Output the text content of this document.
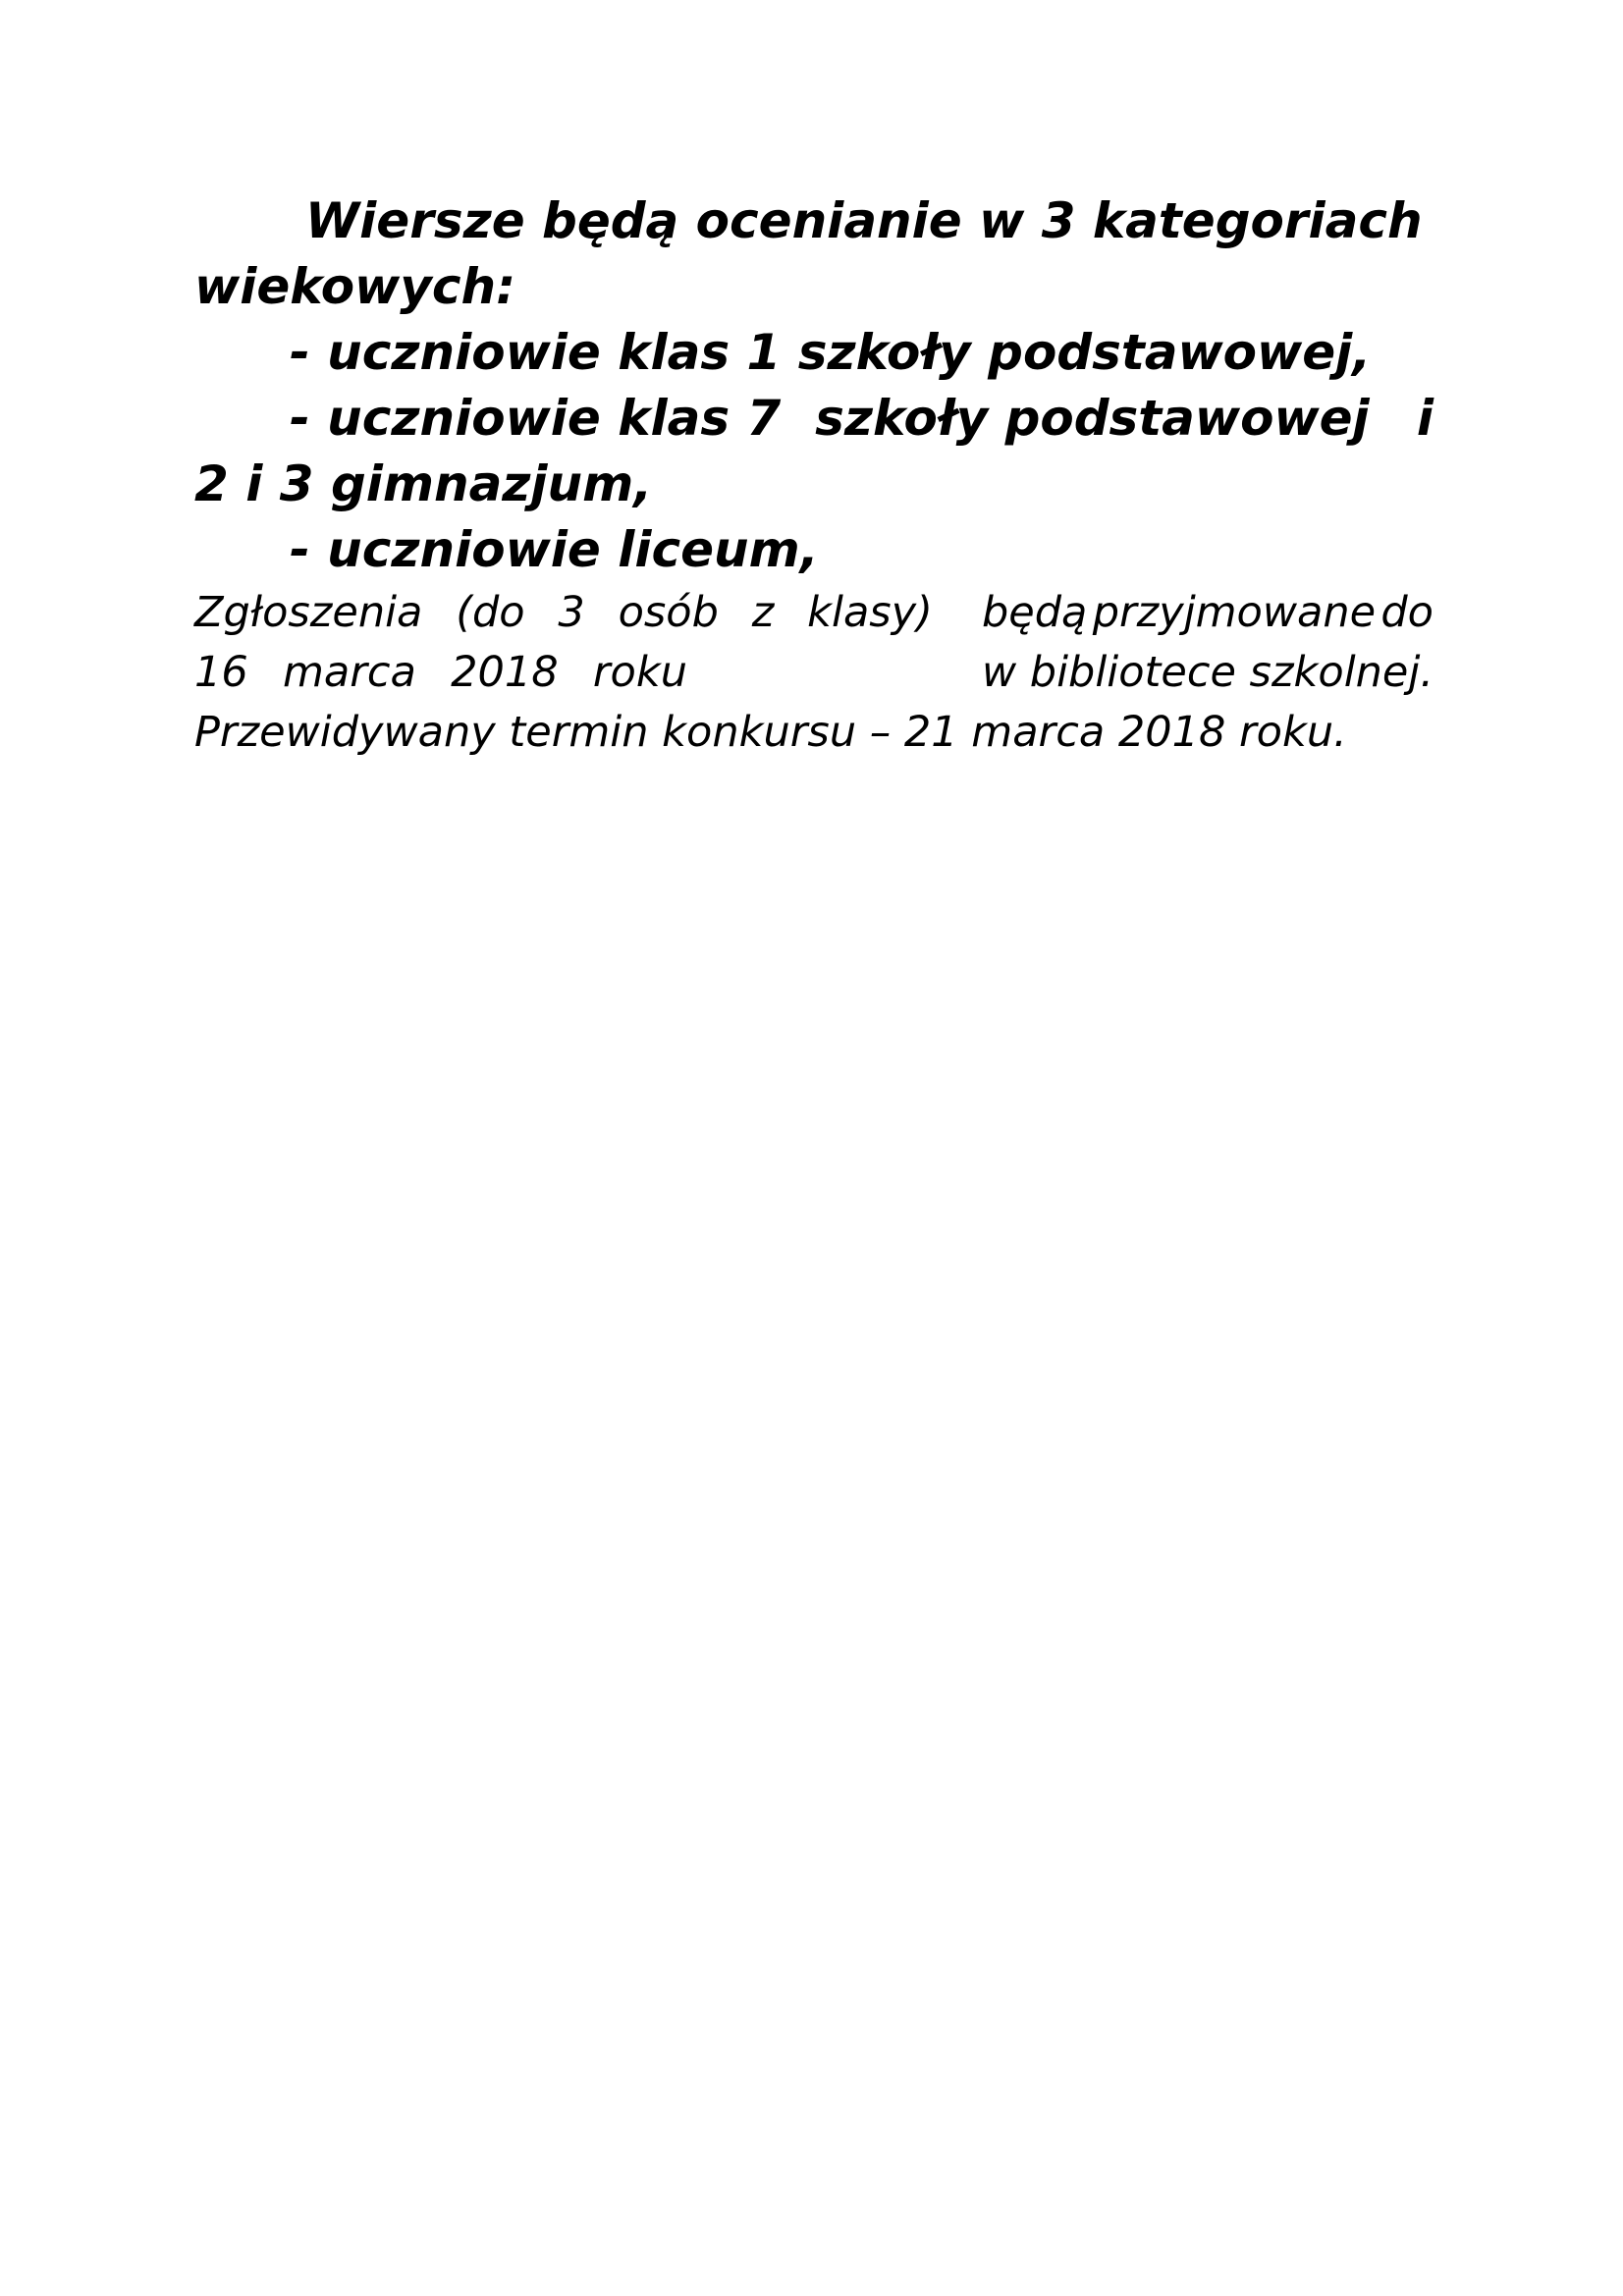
Wiersze będą ocenianie w 3 kategoriach
wiekowych:

- uczniowie klas 1 szkoły podstawowej,

- uczniowie klas 7  szkoły podstawowej i
2 i 3 gimnazjum,

- uczniowie liceum,

Zgłoszenia (do 3 osób z klasy) będą przyjmowane do
16 marca 2018 roku	w bibliotece szkolnej.
Przewidywany termin konkursu – 21 marca 2018 roku.
